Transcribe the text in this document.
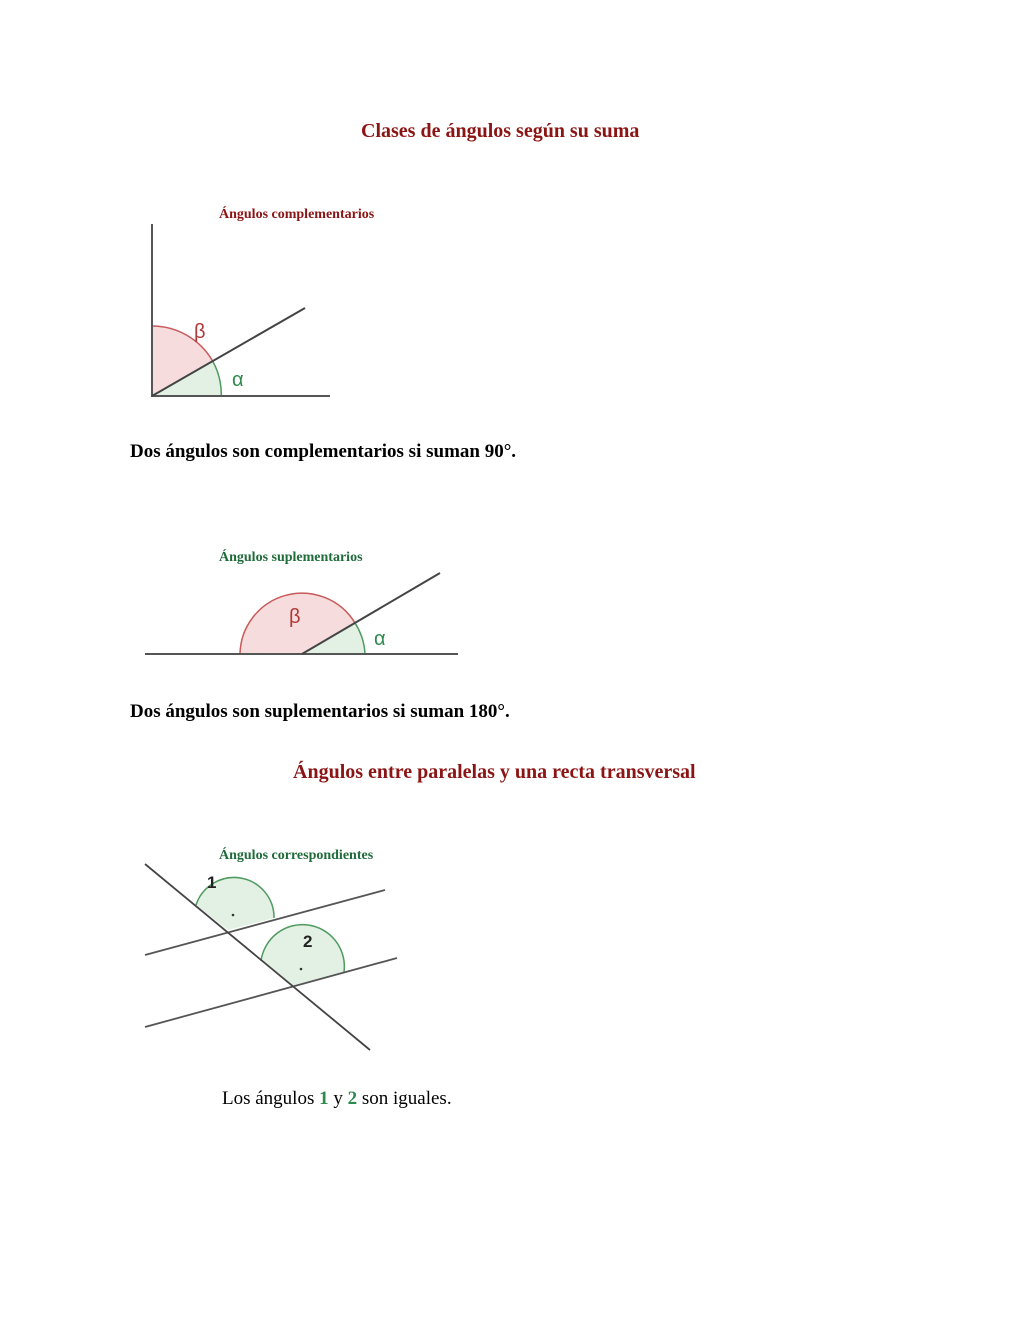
Clases de ángulos según su suma
Ángulos complementarios
β
α
Dos ángulos son complementarios si suman 90°.
Ángulos suplementarios
β
α
Dos ángulos son suplementarios si suman 180°.
Ángulos entre paralelas y una recta transversal
Ángulos correspondientes
1
2
Los ángulos 1 y 2 son iguales.
